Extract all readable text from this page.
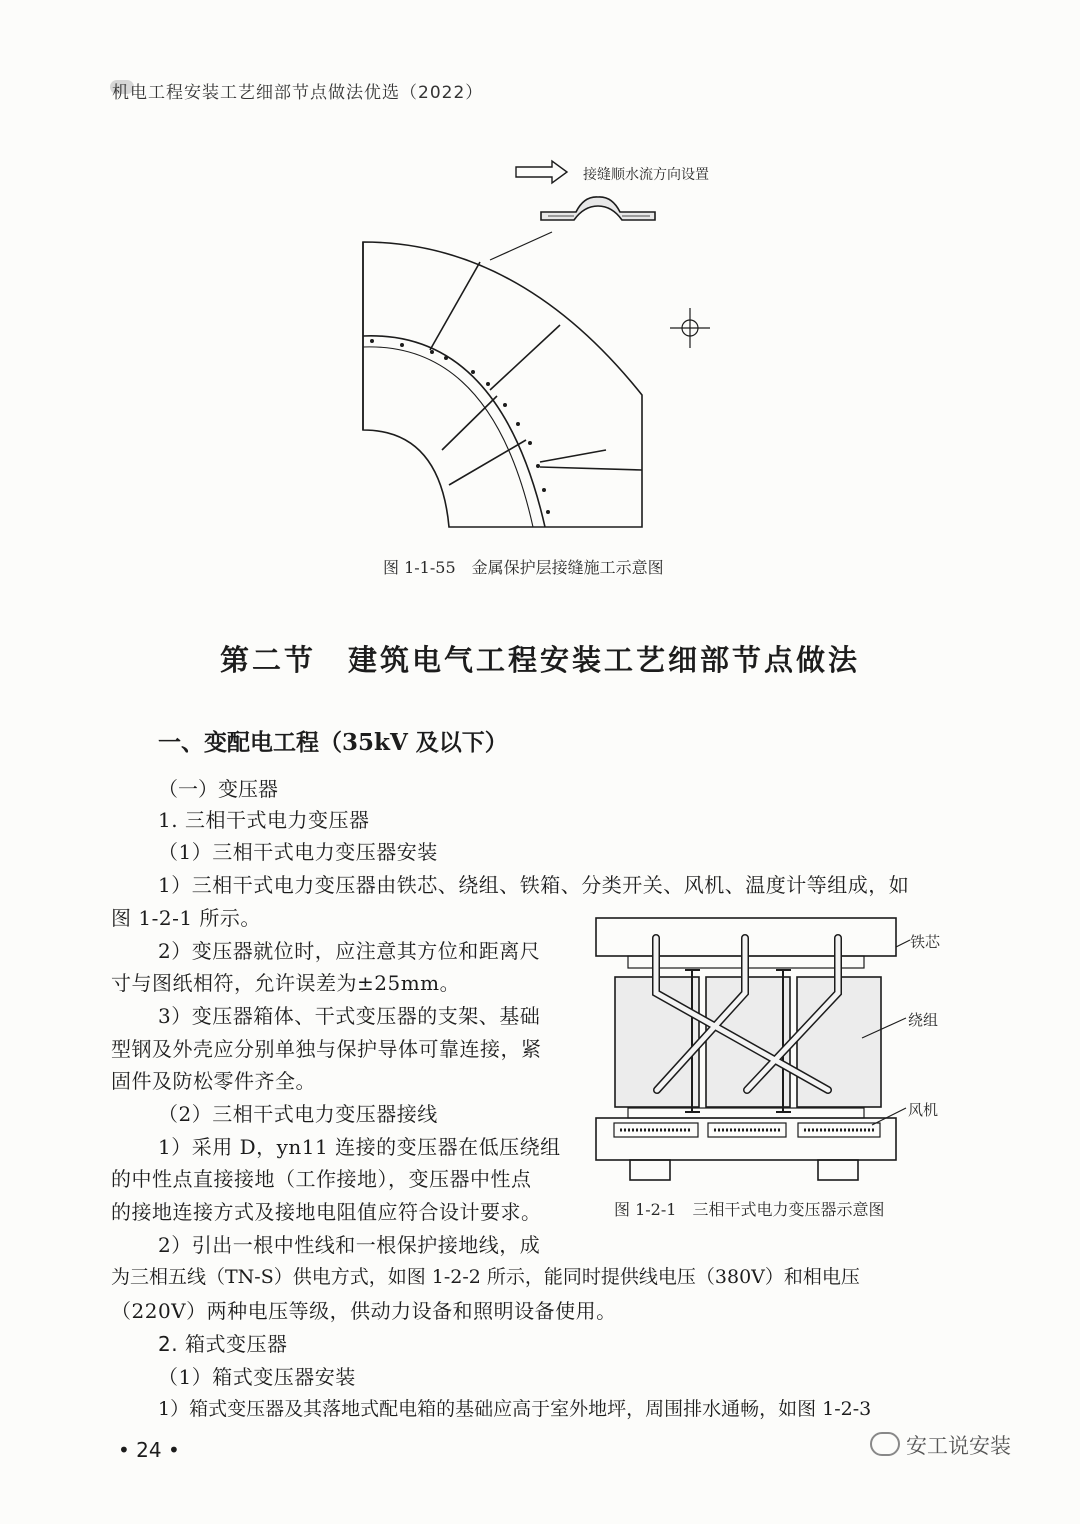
机电工程安装工艺细部节点做法优选（2022）
接缝顺水流方向设置
图 1-1-55　金属保护层接缝施工示意图
第二节　建筑电气工程安装工艺细部节点做法
一、变配电工程（35kV 及以下）
（一）变压器
1. 三相干式电力变压器
（1）三相干式电力变压器安装
1）三相干式电力变压器由铁芯、绕组、铁箱、分类开关、风机、温度计等组成，如
图 1-2-1 所示。
2）变压器就位时，应注意其方位和距离尺
寸与图纸相符，允许误差为±25mm。
3）变压器箱体、干式变压器的支架、基础
型钢及外壳应分别单独与保护导体可靠连接，紧
固件及防松零件齐全。
（2）三相干式电力变压器接线
1）采用 D，yn11 连接的变压器在低压绕组
的中性点直接接地（工作接地），变压器中性点
的接地连接方式及接地电阻值应符合设计要求。
2）引出一根中性线和一根保护接地线，成
为三相五线（TN-S）供电方式，如图 1-2-2 所示，能同时提供线电压（380V）和相电压
（220V）两种电压等级，供动力设备和照明设备使用。
2. 箱式变压器
（1）箱式变压器安装
1）箱式变压器及其落地式配电箱的基础应高于室外地坪，周围排水通畅，如图 1-2-3
铁芯
绕组
风机
图 1-2-1　三相干式电力变压器示意图
• 24 •	安工说安装
